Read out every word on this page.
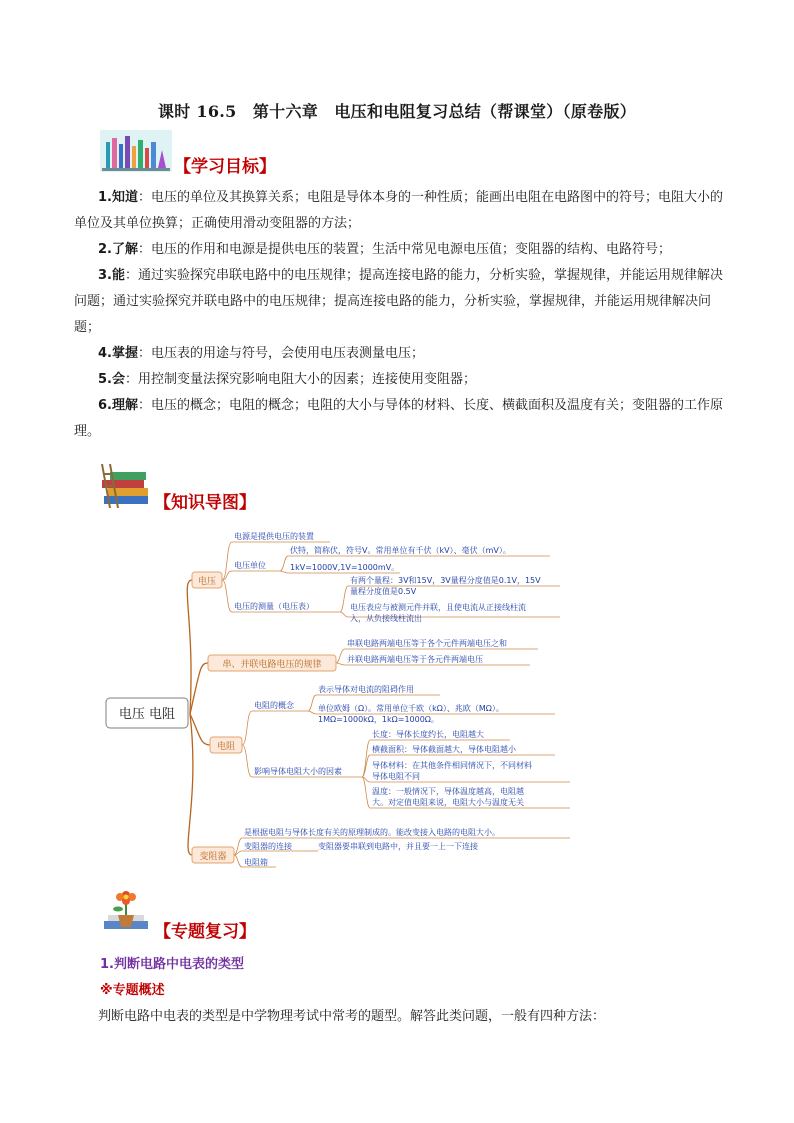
课时 16.5　第十六章　电压和电阻复习总结（帮课堂）（原卷版）
【学习目标】

1.知道：电压的单位及其换算关系；电阻是导体本身的一种性质；能画出电阻在电路图中的符号；电阻大小的单位及其单位换算；正确使用滑动变阻器的方法；

2.了解：电压的作用和电源是提供电压的装置；生活中常见电源电压值；变阻器的结构、电路符号；

3.能：通过实验探究串联电路中的电压规律；提高连接电路的能力，分析实验，掌握规律，并能运用规律解决问题；通过实验探究并联电路中的电压规律；提高连接电路的能力，分析实验，掌握规律，并能运用规律解决问题；

4.掌握：电压表的用途与符号，会使用电压表测量电压；

5.会：用控制变量法探究影响电阻大小的因素；连接使用变阻器；

6.理解：电压的概念；电阻的概念；电阻的大小与导体的材料、长度、横截面积及温度有关；变阻器的工作原理。

【知识导图】
电压 电阻
电压
串、并联电路电压的规律
电阻
变阻器
电源是提供电压的装置
电压单位
伏特，简称伏，符号V。常用单位有千伏（kV）、毫伏（mV）。
1kV=1000V,1V=1000mV。
电压的测量（电压表）
有两个量程：3V和15V，3V量程分度值是0.1V，15V
量程分度值是0.5V
电压表应与被测元件并联，且使电流从正接线柱流
入，从负接线柱流出
串联电路两端电压等于各个元件两端电压之和
并联电路两端电压等于各元件两端电压
电阻的概念
表示导体对电流的阻碍作用
单位欧姆（Ω）。常用单位千欧（kΩ）、兆欧（MΩ）。
1MΩ=1000kΩ，1kΩ=1000Ω。
影响导体电阻大小的因素
长度：导体长度约长，电阻越大
横截面积：导体截面越大，导体电阻越小
导体材料：在其他条件相同情况下，不同材料
导体电阻不同
温度：一般情况下，导体温度越高，电阻越
大。对定值电阻来说，电阻大小与温度无关
是根据电阻与导体长度有关的原理制成的。能改变接入电路的电阻大小。
变阻器的连接	变阻器要串联到电路中，并且要一上一下连接
电阻箱
【专题复习】
1.判断电路中电表的类型
※专题概述
判断电路中电表的类型是中学物理考试中常考的题型。解答此类问题，一般有四种方法：
